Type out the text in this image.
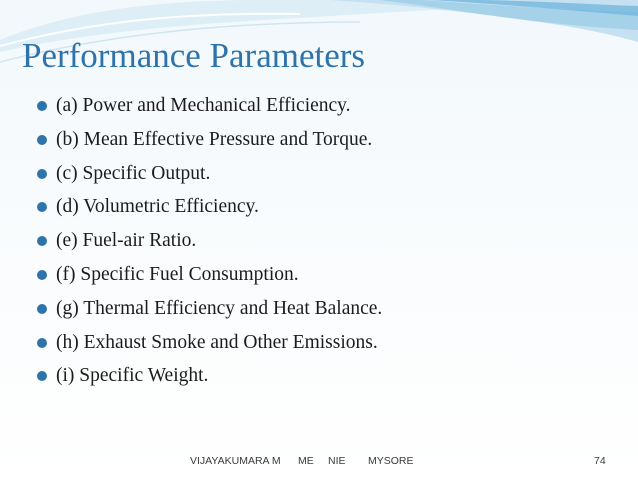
Performance Parameters
(a) Power and Mechanical Efficiency.
(b) Mean Effective Pressure and Torque.
(c) Specific Output.
(d) Volumetric Efficiency.
(e) Fuel-air Ratio.
(f) Specific Fuel Consumption.
(g) Thermal Efficiency and Heat Balance.
(h) Exhaust Smoke and Other Emissions.
(i) Specific Weight.
VIJAYAKUMARA M ME NIE MYSORE	74
